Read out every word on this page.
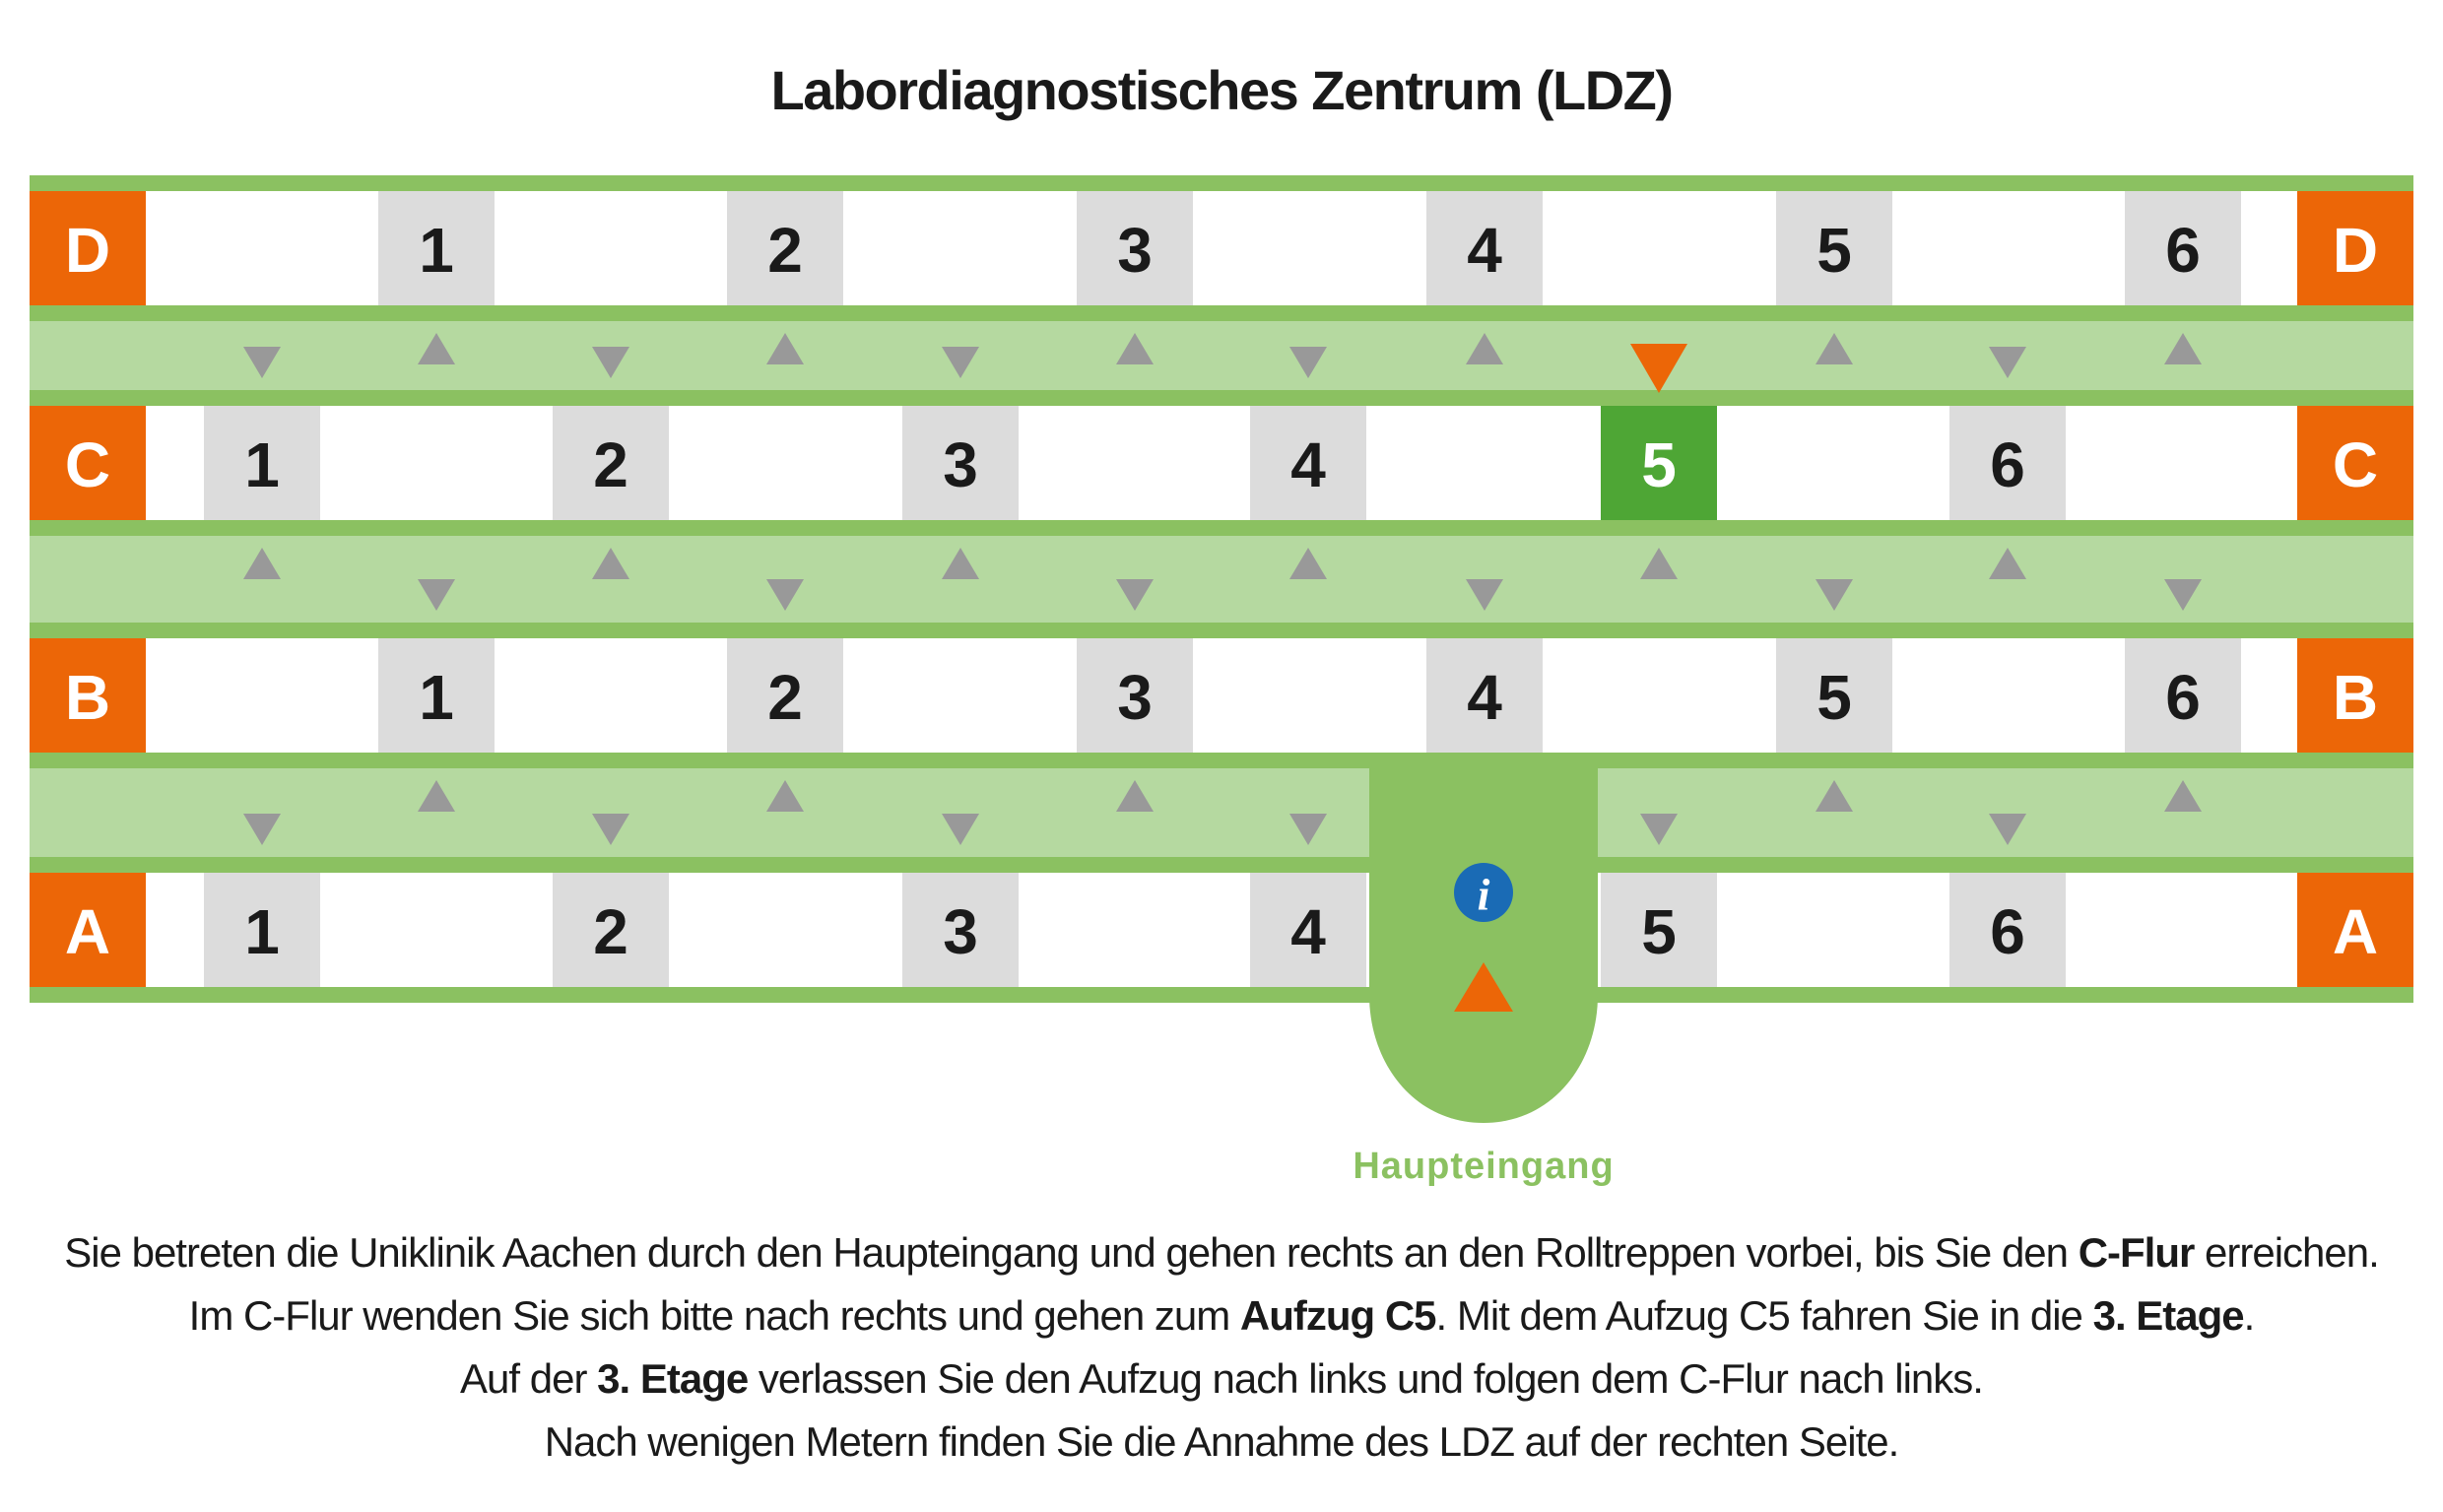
Labordiagnostisches Zentrum (LDZ)
D	D
1	2	3	4	5	6
C	C
1	2	3	4	5	6
B	B
1	2	3	4	5	6
A	A
1	2	3	4	5	6
i
Haupteingang
Sie betreten die Uniklinik Aachen durch den Haupteingang und gehen rechts an den Rolltreppen vorbei, bis Sie den C-Flur erreichen.
Im C-Flur wenden Sie sich bitte nach rechts und gehen zum Aufzug C5. Mit dem Aufzug C5 fahren Sie in die 3. Etage.
Auf der 3. Etage verlassen Sie den Aufzug nach links und folgen dem C-Flur nach links.
Nach wenigen Metern finden Sie die Annahme des LDZ auf der rechten Seite.
